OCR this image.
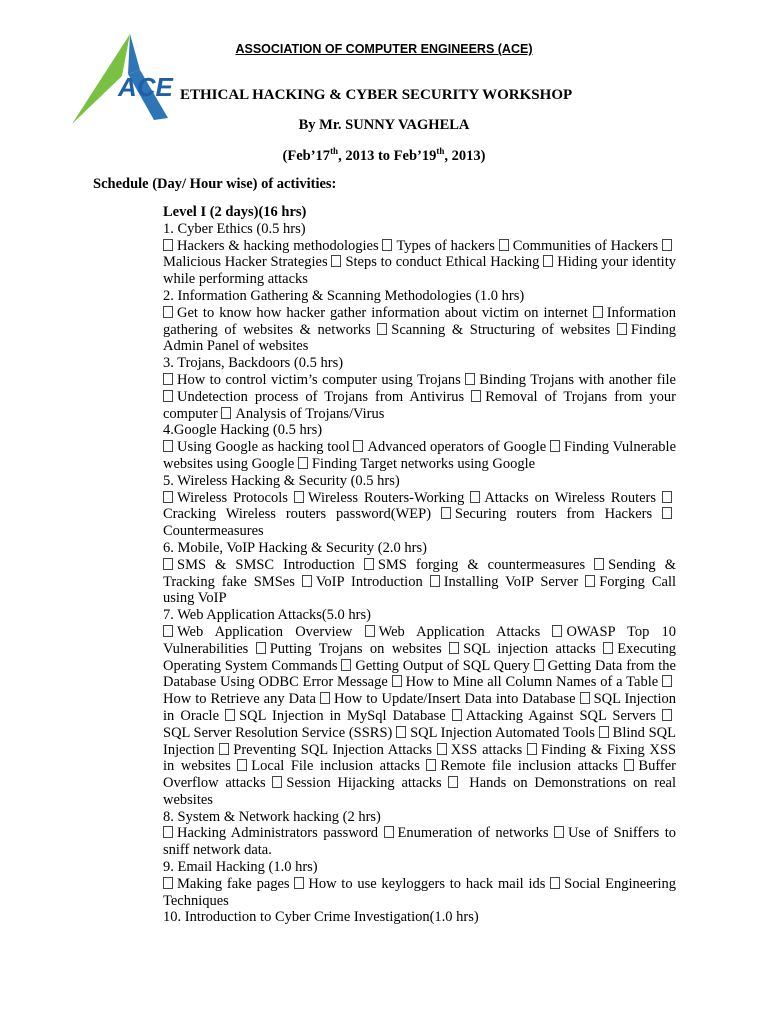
ASSOCIATION OF COMPUTER ENGINEERS (ACE)
ACE ETHICAL HACKING & CYBER SECURITY WORKSHOP
By Mr. SUNNY VAGHELA
(Feb’17th, 2013 to Feb’19th, 2013)
Schedule (Day/ Hour wise) of activities:
Level I (2 days)(16 hrs)
1. Cyber Ethics (0.5 hrs)
Hackers & hacking methodologies Types of hackers Communities of Hackers Malicious Hacker Strategies Steps to conduct Ethical Hacking Hiding your identity while performing attacks
2. Information Gathering & Scanning Methodologies (1.0 hrs)
Get to know how hacker gather information about victim on internet Information gathering of websites & networks Scanning & Structuring of websites Finding Admin Panel of websites
3. Trojans, Backdoors (0.5 hrs)
How to control victim’s computer using Trojans Binding Trojans with another file Undetection process of Trojans from Antivirus Removal of Trojans from your computer Analysis of Trojans/Virus
4.Google Hacking (0.5 hrs)
Using Google as hacking tool Advanced operators of Google Finding Vulnerable websites using Google Finding Target networks using Google
5. Wireless Hacking & Security (0.5 hrs)
Wireless Protocols Wireless Routers-Working Attacks on Wireless Routers Cracking Wireless routers password(WEP) Securing routers from Hackers Countermeasures
6. Mobile, VoIP Hacking & Security (2.0 hrs)
SMS & SMSC Introduction SMS forging & countermeasures Sending & Tracking fake SMSes VoIP Introduction Installing VoIP Server Forging Call using VoIP
7. Web Application Attacks(5.0 hrs)
Web Application Overview Web Application Attacks OWASP Top 10 Vulnerabilities Putting Trojans on websites SQL injection attacks Executing Operating System Commands Getting Output of SQL Query Getting Data from the Database Using ODBC Error Message How to Mine all Column Names of a Table How to Retrieve any Data How to Update/Insert Data into Database SQL Injection in Oracle SQL Injection in MySql Database Attacking Against SQL Servers SQL Server Resolution Service (SSRS) SQL Injection Automated Tools Blind SQL Injection Preventing SQL Injection Attacks XSS attacks Finding & Fixing XSS in websites Local File inclusion attacks Remote file inclusion attacks Buffer Overflow attacks Session Hijacking attacks  Hands on Demonstrations on real websites
8. System & Network hacking (2 hrs)
Hacking Administrators password Enumeration of networks Use of Sniffers to sniff network data.
9. Email Hacking (1.0 hrs)
Making fake pages How to use keyloggers to hack mail ids Social Engineering Techniques
10. Introduction to Cyber Crime Investigation(1.0 hrs)
